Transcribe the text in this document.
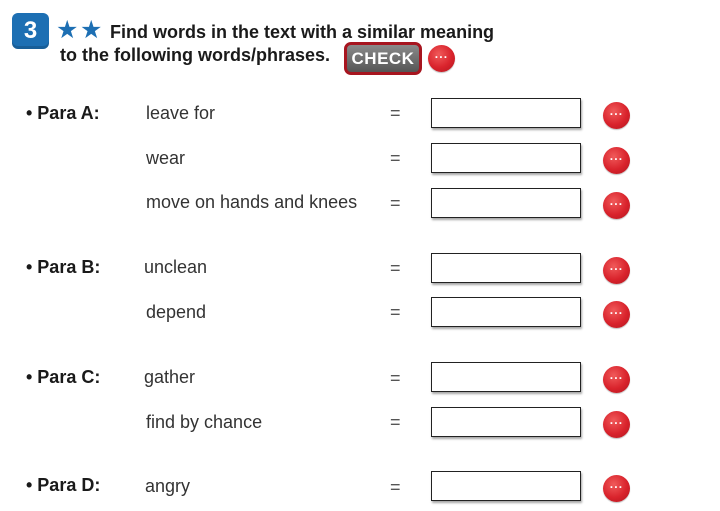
3 ★ ★ Find words in the text with a similar meaning
to the following words/phrases.	CHECK	···
• Para A:	leave for	=	···
wear	=	···
move on hands and knees =	···
• Para B: unclean	=	···
depend	=	···
• Para C: gather	=	···
find by chance	=	···
• Para D: angry	=	···
